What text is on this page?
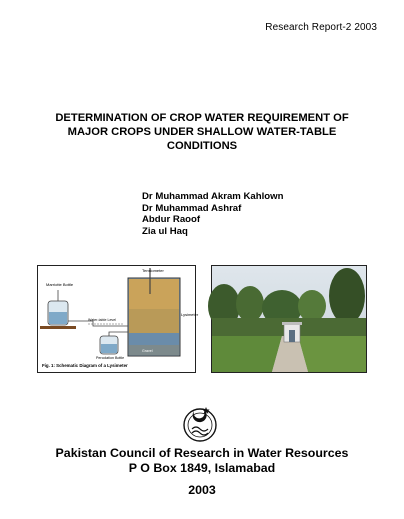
Research Report-2 2003
DETERMINATION OF CROP WATER REQUIREMENT OF
MAJOR CROPS UNDER SHALLOW WATER-TABLE
CONDITIONS
Dr Muhammad Akram Kahlown
Dr Muhammad Ashraf
Abdur Raoof
Zia ul Haq
Tensiometer
Marriotte Bottle
Water-table Level
Percolation Bottle
Lysimeter
Gravel
Fig. 1: Schematic Diagram of a Lysimeter
Pakistan Council of Research in Water Resources
P O Box 1849, Islamabad
2003
